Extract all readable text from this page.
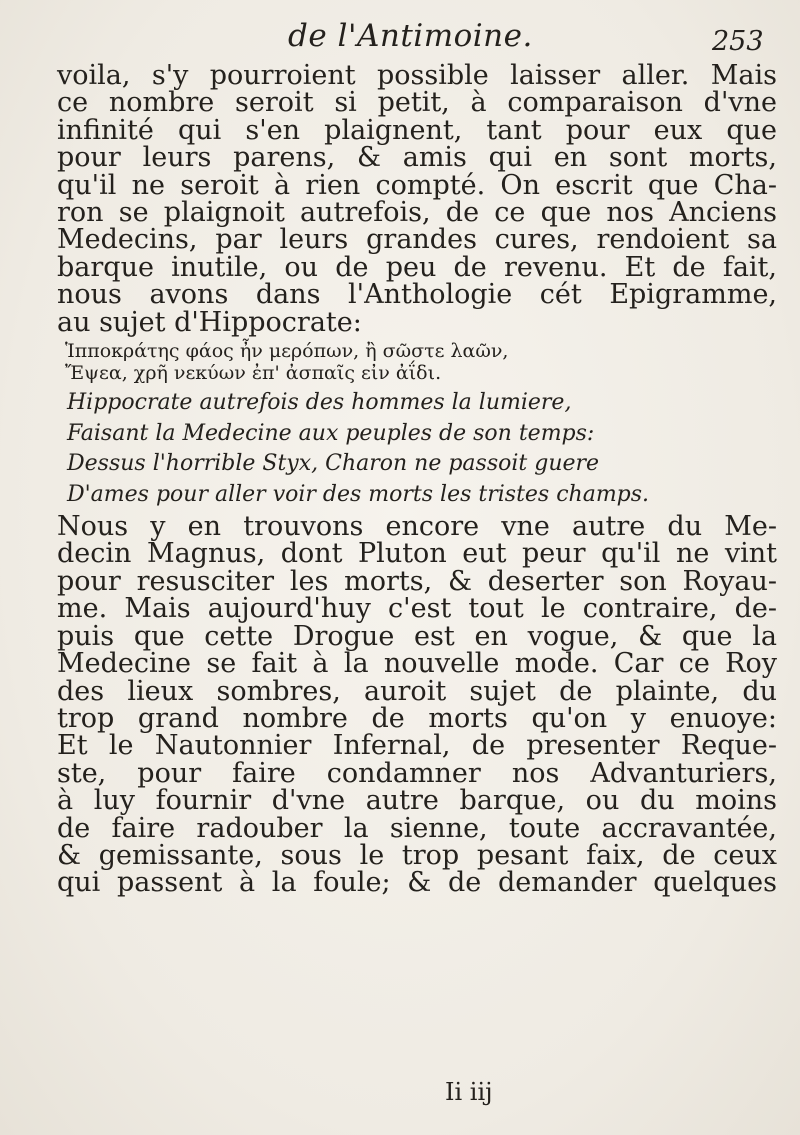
de l'Antimoine.	253
voila, s'y pourroient possible laisser aller. Mais
ce nombre seroit si petit, à comparaison d'vne
infinité qui s'en plaignent, tant pour eux que
pour leurs parens, & amis qui en sont morts,
qu'il ne seroit à rien compté. On escrit que Cha-
ron se plaignoit autrefois, de ce que nos Anciens
Medecins, par leurs grandes cures, rendoient sa
barque inutile, ou de peu de revenu. Et de fait,
nous avons dans l'Anthologie cét Epigramme,
au sujet d'Hippocrate:
Ἱπποκράτης φάος ἦν μερόπων, ἢ σῶστε λαῶν,
Ἔψεα, χρῆ νεκύων ἐπ' ἀσπαῖς εἰν ἀΐδι.
Hippocrate autrefois des hommes la lumiere,
Faisant la Medecine aux peuples de son temps:
Dessus l'horrible Styx, Charon ne passoit guere
D'ames pour aller voir des morts les tristes champs.
Nous y en trouvons encore vne autre du Me-
decin Magnus, dont Pluton eut peur qu'il ne vint
pour resusciter les morts, & deserter son Royau-
me. Mais aujourd'huy c'est tout le contraire, de-
puis que cette Drogue est en vogue, & que la
Medecine se fait à la nouvelle mode. Car ce Roy
des lieux sombres, auroit sujet de plainte, du
trop grand nombre de morts qu'on y enuoye:
Et le Nautonnier Infernal, de presenter Reque-
ste, pour faire condamner nos Advanturiers,
à luy fournir d'vne autre barque, ou du moins
de faire radouber la sienne, toute accravantée,
& gemissante, sous le trop pesant faix, de ceux
qui passent à la foule; & de demander quelques
Ii iij
